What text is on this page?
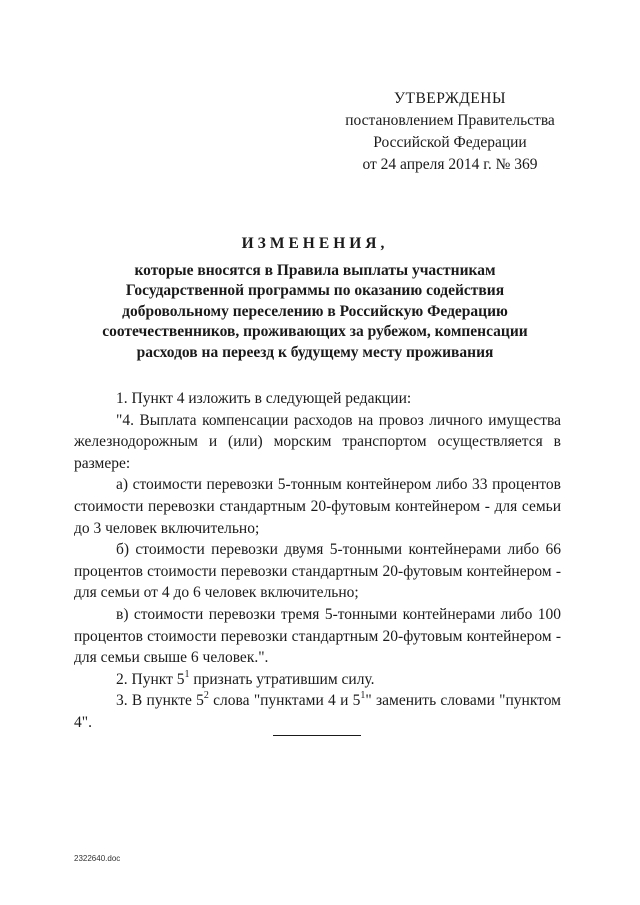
УТВЕРЖДЕНЫ
постановлением Правительства
Российской Федерации
от 24 апреля 2014 г. № 369
ИЗМЕНЕНИЯ,
которые вносятся в Правила выплаты участникам
Государственной программы по оказанию содействия
добровольному переселению в Российскую Федерацию
соотечественников, проживающих за рубежом, компенсации
расходов на переезд к будущему месту проживания

1. Пункт 4 изложить в следующей редакции:

"4. Выплата компенсации расходов на провоз личного имущества железнодорожным и (или) морским транспортом осуществляется в размере:

а) стоимости перевозки 5-тонным контейнером либо 33 процентов стоимости перевозки стандартным 20-футовым контейнером - для семьи до 3 человек включительно;

б) стоимости перевозки двумя 5-тонными контейнерами либо 66 процентов стоимости перевозки стандартным 20-футовым контейнером - для семьи от 4 до 6 человек включительно;

в) стоимости перевозки тремя 5-тонными контейнерами либо 100 процентов стоимости перевозки стандартным 20-футовым контейнером - для семьи свыше 6 человек.".

2. Пункт $5^1$ признать утратившим силу.

3. В пункте $5^2$ слова "пунктами 4 и $5^1$" заменить словами "пунктом 4".

2322640.doc
